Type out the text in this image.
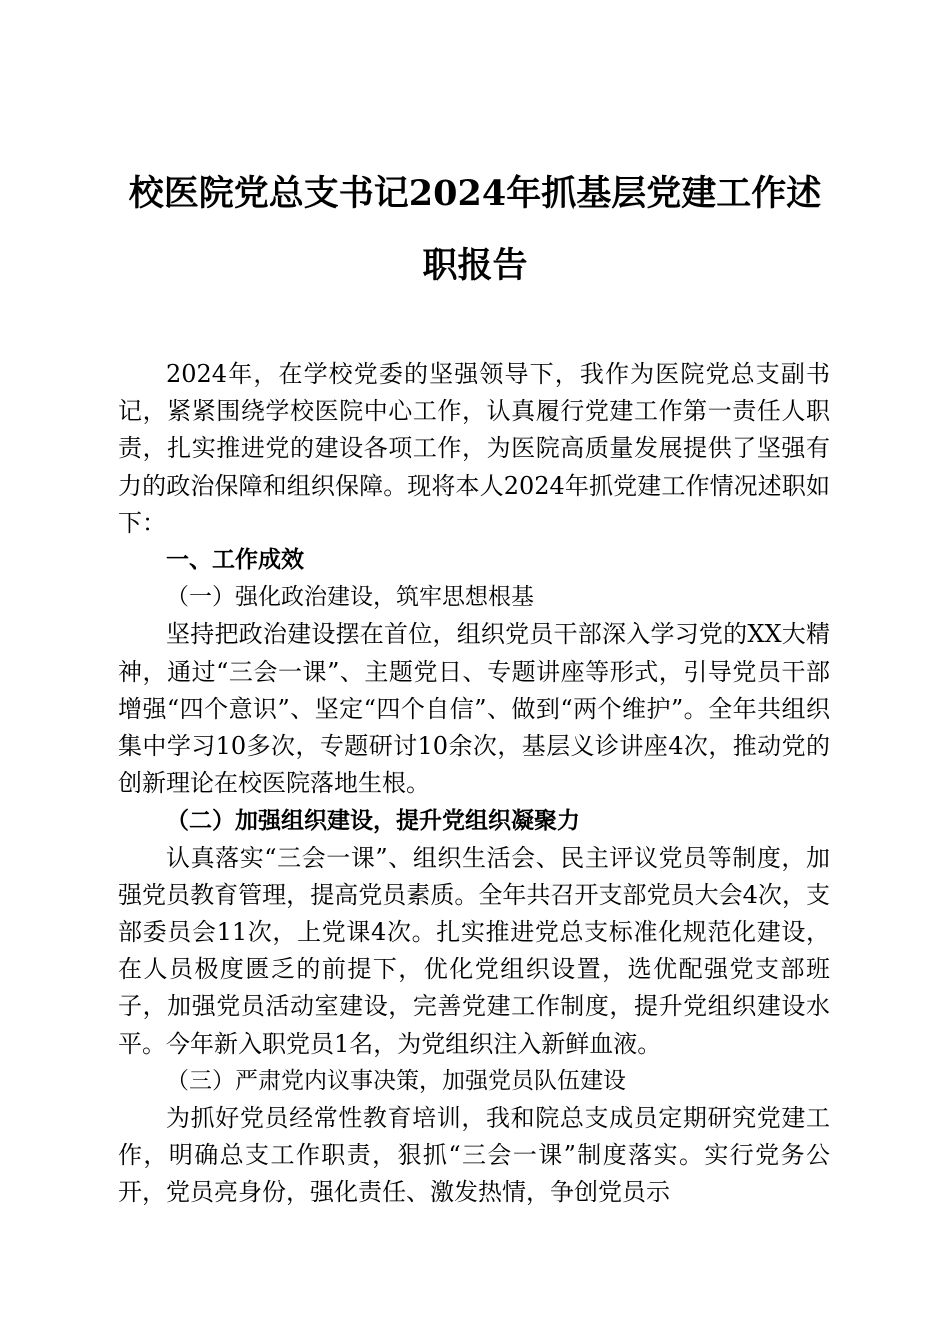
校医院党总支书记2024年抓基层党建工作述
职报告

2024年，在学校党委的坚强领导下，我作为医院党总支副书记，紧紧围绕学校医院中心工作，认真履行党建工作第一责任人职责，扎实推进党的建设各项工作，为医院高质量发展提供了坚强有力的政治保障和组织保障。现将本人2024年抓党建工作情况述职如下：

一、工作成效

（一）强化政治建设，筑牢思想根基

坚持把政治建设摆在首位，组织党员干部深入学习党的XX大精神，通过“三会一课”、主题党日、专题讲座等形式，引导党员干部增强“四个意识”、坚定“四个自信”、做到“两个维护”。全年共组织集中学习10多次，专题研讨10余次，基层义诊讲座4次，推动党的创新理论在校医院落地生根。

（二）加强组织建设，提升党组织凝聚力

认真落实“三会一课”、组织生活会、民主评议党员等制度，加强党员教育管理，提高党员素质。全年共召开支部党员大会4次，支部委员会11次，上党课4次。扎实推进党总支标准化规范化建设，在人员极度匮乏的前提下，优化党组织设置，选优配强党支部班子，加强党员活动室建设，完善党建工作制度，提升党组织建设水平。今年新入职党员1名，为党组织注入新鲜血液。

（三）严肃党内议事决策，加强党员队伍建设

为抓好党员经常性教育培训，我和院总支成员定期研究党建工作，明确总支工作职责，狠抓“三会一课”制度落实。实行党务公开，党员亮身份，强化责任、激发热情，争创党员示
